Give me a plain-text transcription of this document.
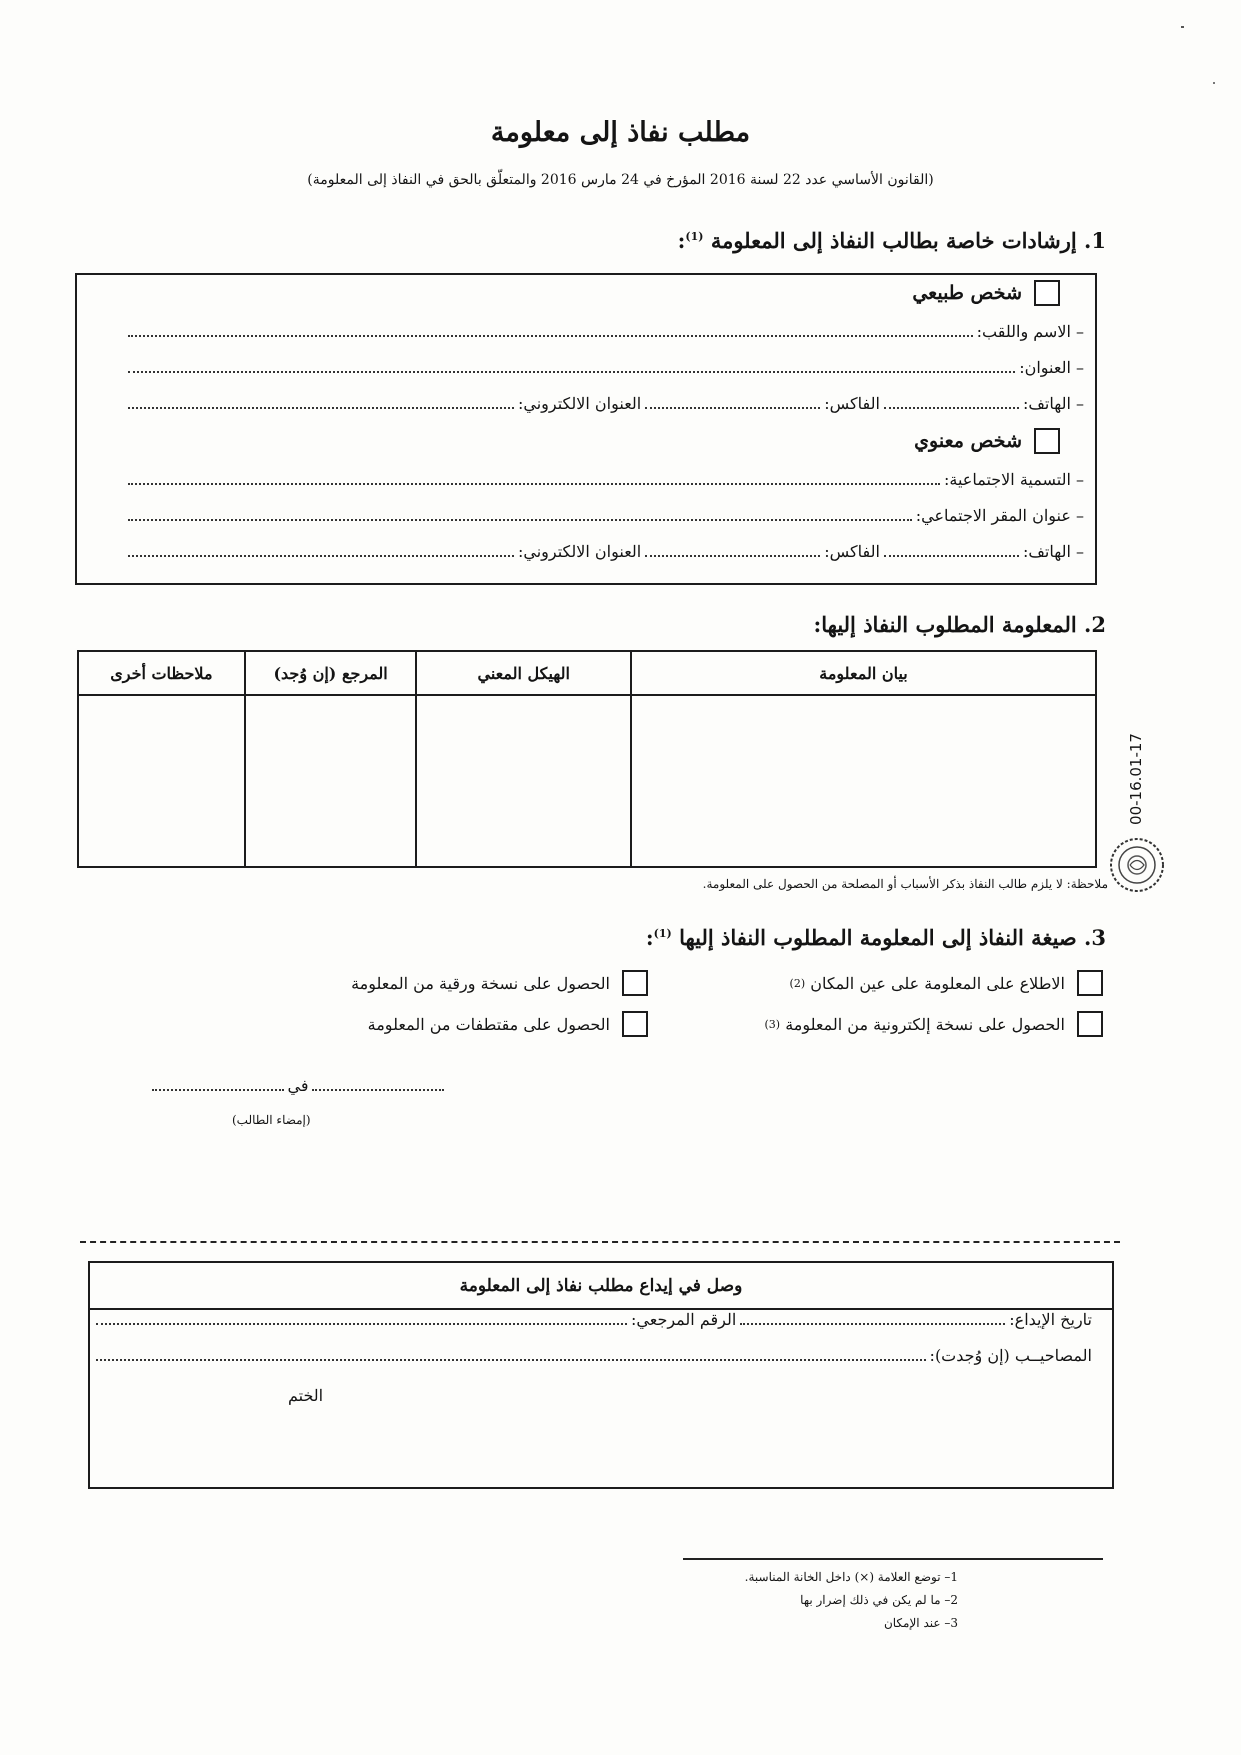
مطلب نفاذ إلى معلومة
(القانون الأساسي عدد 22 لسنة 2016 المؤرخ في 24 مارس 2016 والمتعلّق بالحق في النفاذ إلى المعلومة)
1. إرشادات خاصة بطالب النفاذ إلى المعلومة $^{(1)}$:
شخص طبيعي
– الاسم واللقب:
– العنوان:
– الهاتف:
الفاكس:
العنوان الالكتروني:
شخص معنوي
– التسمية الاجتماعية:
– عنوان المقر الاجتماعي:
– الهاتف:
الفاكس:
العنوان الالكتروني:
2. المعلومة المطلوب النفاذ إليها:
بيان المعلومة	الهيكل المعني	المرجع (إن وُجد)	ملاحظات أخرى

ملاحظة: لا يلزم طالب النفاذ بذكر الأسباب أو المصلحة من الحصول على المعلومة.
00-16.01-17
3. صيغة النفاذ إلى المعلومة المطلوب النفاذ إليها $^{(1)}$:
الاطلاع على المعلومة على عين المكان

(2)
الحصول على نسخة إلكترونية من المعلومة

(3)
الحصول على نسخة ورقية من المعلومة
الحصول على مقتطفات من المعلومة
في
(إمضاء الطالب)
وصل في إيداع مطلب نفاذ إلى المعلومة
تاريخ الإيداع:
الرقم المرجعي:
المصاحيــب (إن وُجدت):
الختم
1– توضع العلامة (×) داخل الخانة المناسبة.
2– ما لم يكن في ذلك إضرار بها
3– عند الإمكان
